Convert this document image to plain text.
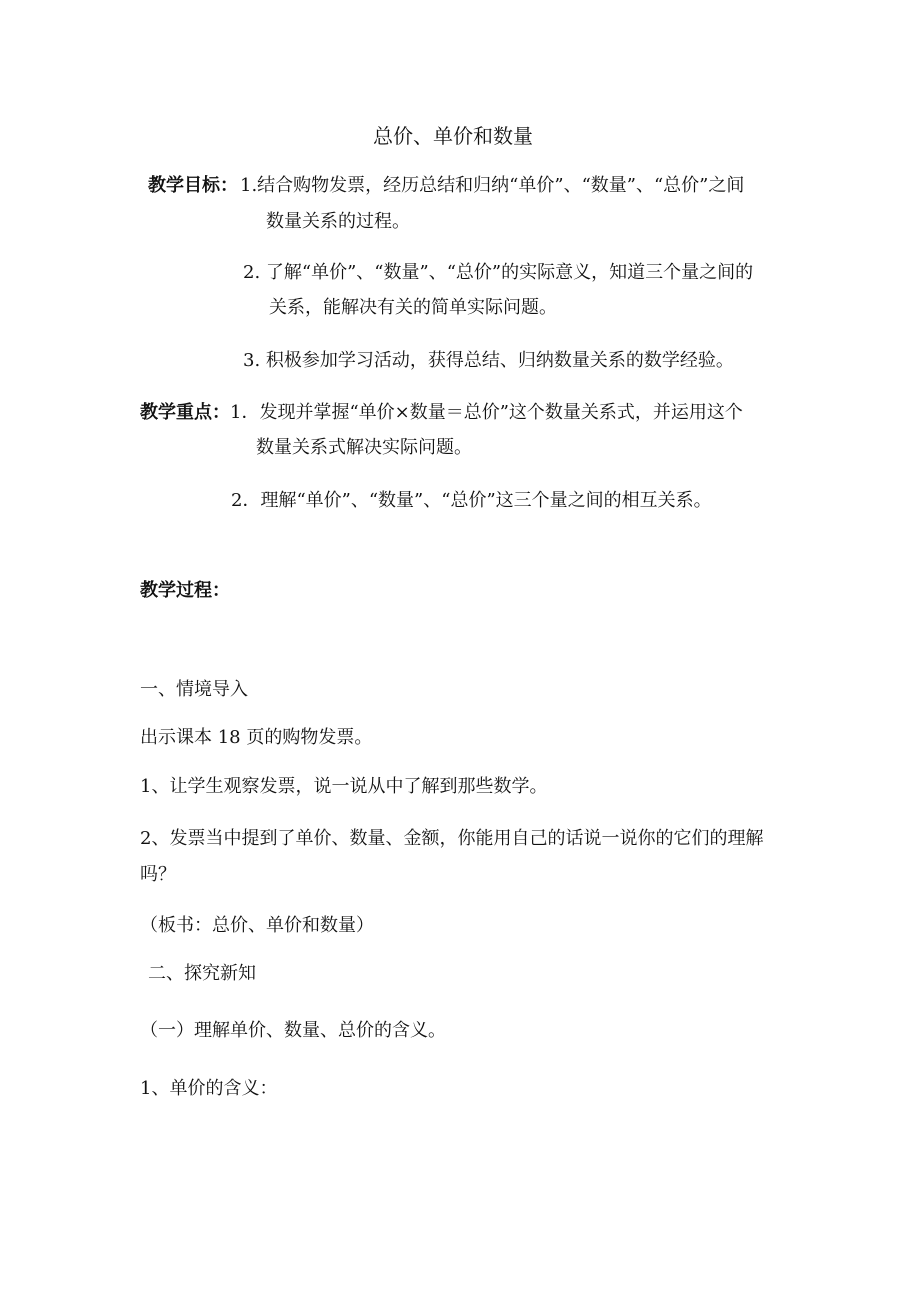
总价、单价和数量
教学目标： 1.结合购物发票，经历总结和归纳“单价”、“数量”、“总价”之间
数量关系的过程。
2. 了解“单价”、“数量”、“总价”的实际意义，知道三个量之间的
关系，能解决有关的简单实际问题。
3. 积极参加学习活动，获得总结、归纳数量关系的数学经验。
教学重点： 1．发现并掌握“单价×数量＝总价”这个数量关系式，并运用这个
数量关系式解决实际问题。
2．理解“单价”、“数量”、“总价”这三个量之间的相互关系。
教学过程：
一、情境导入
出示课本 18 页的购物发票。
1、让学生观察发票，说一说从中了解到那些数学。
2、发票当中提到了单价、数量、金额，你能用自己的话说一说你的它们的理解
吗？
（板书：总价、单价和数量）
二、探究新知
（一）理解单价、数量、总价的含义。
1、单价的含义：
